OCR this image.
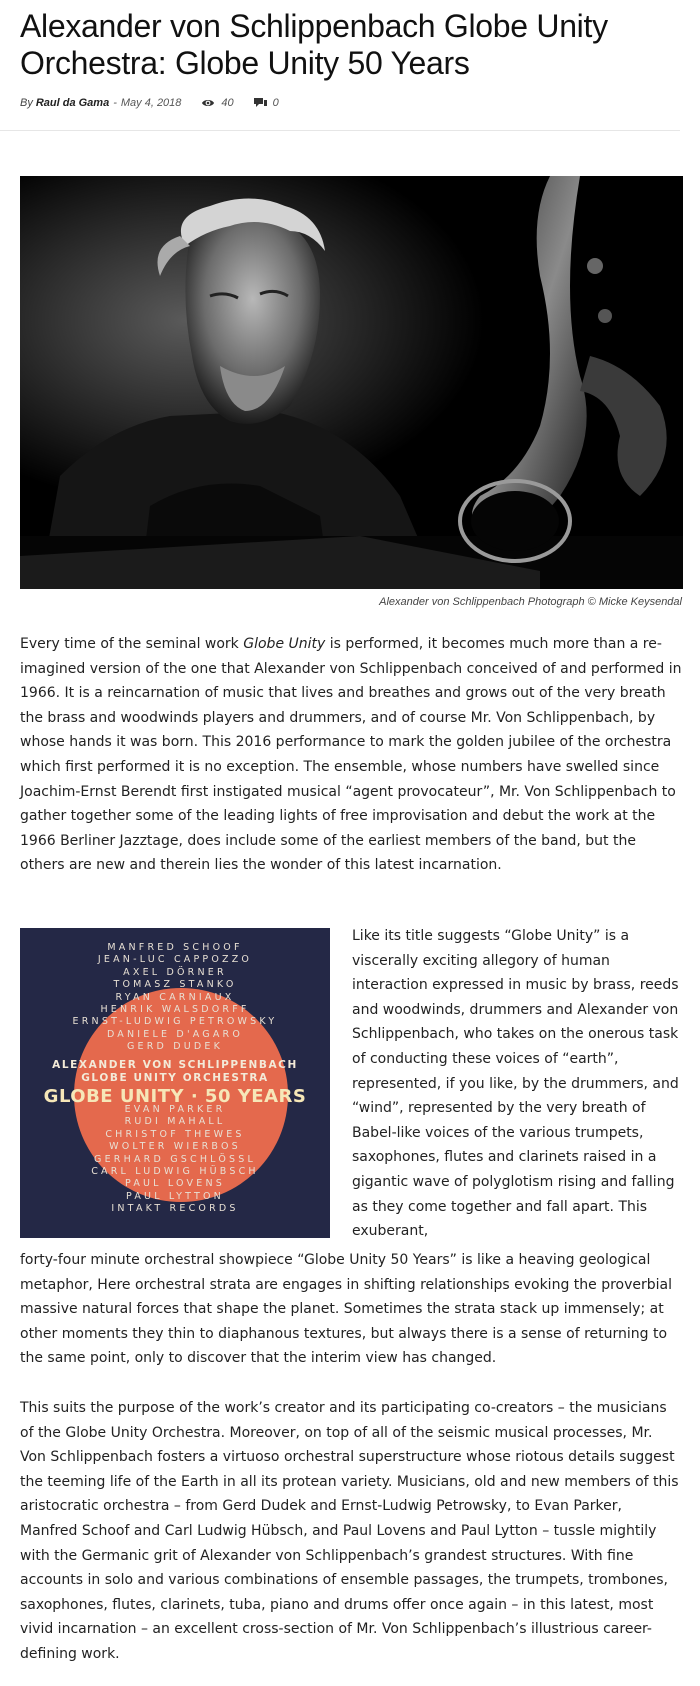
Alexander von Schlippenbach Globe Unity Orchestra: Globe Unity 50 Years
By Raul da Gama - May 4, 2018	40	0
Alexander von Schlippenbach Photograph © Micke Keysendal

Every time of the seminal work Globe Unity is performed, it becomes much more than a re-imagined version of the one that Alexander von Schlippenbach conceived of and performed in 1966. It is a reincarnation of music that lives and breathes and grows out of the very breath the brass and woodwinds players and drummers, and of course Mr. Von Schlippenbach, by whose hands it was born. This 2016 performance to mark the golden jubilee of the orchestra which first performed it is no exception. The ensemble, whose numbers have swelled since Joachim-Ernst Berendt first instigated musical “agent provocateur”, Mr. Von Schlippenbach to gather together some of the leading lights of free improvisation and debut the work at the 1966 Berliner Jazztage, does include some of the earliest members of the band, but the others are new and therein lies the wonder of this latest incarnation.

MANFRED SCHOOF
JEAN-LUC CAPPOZZO
AXEL DÖRNER
TOMASZ STANKO
RYAN CARNIAUX
HENRIK WALSDORFF
ERNST-LUDWIG PETROWSKY
DANIELE D'AGARO
GERD DUDEK
ALEXANDER VON SCHLIPPENBACH
GLOBE UNITY ORCHESTRA
GLOBE UNITY · 50 YEARS
EVAN PARKER
RUDI MAHALL
CHRISTOF THEWES
WOLTER WIERBOS
GERHARD GSCHLÖSSL
CARL LUDWIG HÜBSCH
PAUL LOVENS
PAUL LYTTON
INTAKT RECORDS

Like its title suggests “Globe Unity” is a viscerally exciting allegory of human interaction expressed in music by brass, reeds and woodwinds, drummers and Alexander von Schlippenbach, who takes on the onerous task of conducting these voices of “earth”, represented, if you like, by the drummers, and “wind”, represented by the very breath of Babel-like voices of the various trumpets, saxophones, flutes and clarinets raised in a gigantic wave of polyglotism rising and falling as they come together and fall apart. This exuberant,

forty-four minute orchestral showpiece “Globe Unity 50 Years” is like a heaving geological metaphor, Here orchestral strata are engages in shifting relationships evoking the proverbial massive natural forces that shape the planet. Sometimes the strata stack up immensely; at other moments they thin to diaphanous textures, but always there is a sense of returning to the same point, only to discover that the interim view has changed.

This suits the purpose of the work’s creator and its participating co-creators – the musicians of the Globe Unity Orchestra. Moreover, on top of all of the seismic musical processes, Mr. Von Schlippenbach fosters a virtuoso orchestral superstructure whose riotous details suggest the teeming life of the Earth in all its protean variety. Musicians, old and new members of this aristocratic orchestra – from Gerd Dudek and Ernst-Ludwig Petrowsky, to Evan Parker, Manfred Schoof and Carl Ludwig Hübsch, and Paul Lovens and Paul Lytton – tussle mightily with the Germanic grit of Alexander von Schlippenbach’s grandest structures. With fine accounts in solo and various combinations of ensemble passages, the trumpets, trombones, saxophones, flutes, clarinets, tuba, piano and drums offer once again – in this latest, most vivid incarnation – an excellent cross-section of Mr. Von Schlippenbach’s illustrious career-defining work.
